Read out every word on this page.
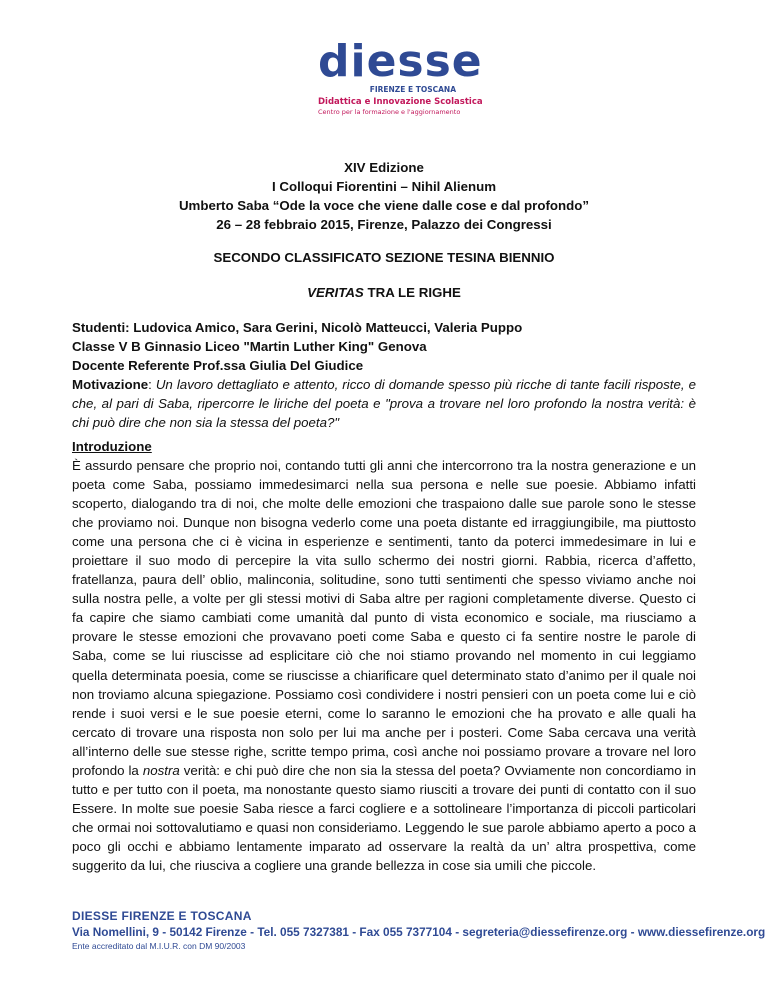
diesse
FIRENZE E TOSCANA
Didattica e Innovazione Scolastica
Centro per la formazione e l'aggiornamento
XIV Edizione
I Colloqui Fiorentini – Nihil Alienum
Umberto Saba “Ode la voce che viene dalle cose e dal profondo”
26 – 28 febbraio 2015, Firenze, Palazzo dei Congressi
SECONDO CLASSIFICATO SEZIONE TESINA BIENNIO
VERITAS TRA LE RIGHE
Studenti: Ludovica Amico, Sara Gerini, Nicolò Matteucci, Valeria Puppo
Classe V B Ginnasio Liceo "Martin Luther King" Genova
Docente Referente Prof.ssa Giulia Del Giudice
Motivazione: Un lavoro dettagliato e attento, ricco di domande spesso più ricche di tante facili risposte, e che, al pari di Saba, ripercorre le liriche del poeta e "prova a trovare nel loro profondo la nostra verità: è chi può dire che non sia la stessa del poeta?"
Introduzione
È assurdo pensare che proprio noi, contando tutti gli anni che intercorrono tra la nostra generazione e un poeta come Saba, possiamo immedesimarci nella sua persona e nelle sue poesie. Abbiamo infatti scoperto, dialogando tra di noi, che molte delle emozioni che traspaiono dalle sue parole sono le stesse che proviamo noi. Dunque non bisogna vederlo come una poeta distante ed irraggiungibile, ma piuttosto come una persona che ci è vicina in esperienze e sentimenti, tanto da poterci immedesimare in lui e proiettare il suo modo di percepire la vita sullo schermo dei nostri giorni. Rabbia, ricerca d’affetto, fratellanza, paura dell’ oblio, malinconia, solitudine, sono tutti sentimenti che spesso viviamo anche noi sulla nostra pelle, a volte per gli stessi motivi di Saba altre per ragioni completamente diverse. Questo ci fa capire che siamo cambiati come umanità dal punto di vista economico e sociale, ma riusciamo a provare le stesse emozioni che provavano poeti come Saba e questo ci fa sentire nostre le parole di Saba, come se lui riuscisse ad esplicitare ciò che noi stiamo provando nel momento in cui leggiamo quella determinata poesia, come se riuscisse a chiarificare quel determinato stato d’animo per il quale noi non troviamo alcuna spiegazione. Possiamo così condividere i nostri pensieri con un poeta come lui e ciò rende i suoi versi e le sue poesie eterni, come lo saranno le emozioni che ha provato e alle quali ha cercato di trovare una risposta non solo per lui ma anche per i posteri. Come Saba cercava una verità all’interno delle sue stesse righe, scritte tempo prima, così anche noi possiamo provare a trovare nel loro profondo la nostra verità: e chi può dire che non sia la stessa del poeta? Ovviamente non concordiamo in tutto e per tutto con il poeta, ma nonostante questo siamo riusciti a trovare dei punti di contatto con il suo Essere. In molte sue poesie Saba riesce a farci cogliere e a sottolineare l’importanza di piccoli particolari che ormai noi sottovalutiamo e quasi non consideriamo. Leggendo le sue parole abbiamo aperto a poco a poco gli occhi e abbiamo lentamente imparato ad osservare la realtà da un’ altra prospettiva, come suggerito da lui, che riusciva a cogliere una grande bellezza in cose sia umili che piccole.
DIESSE FIRENZE E TOSCANA
Via Nomellini, 9 - 50142 Firenze - Tel. 055 7327381 - Fax 055 7377104 - segreteria@diessefirenze.org - www.diessefirenze.org
Ente accreditato dal M.I.U.R. con DM 90/2003
